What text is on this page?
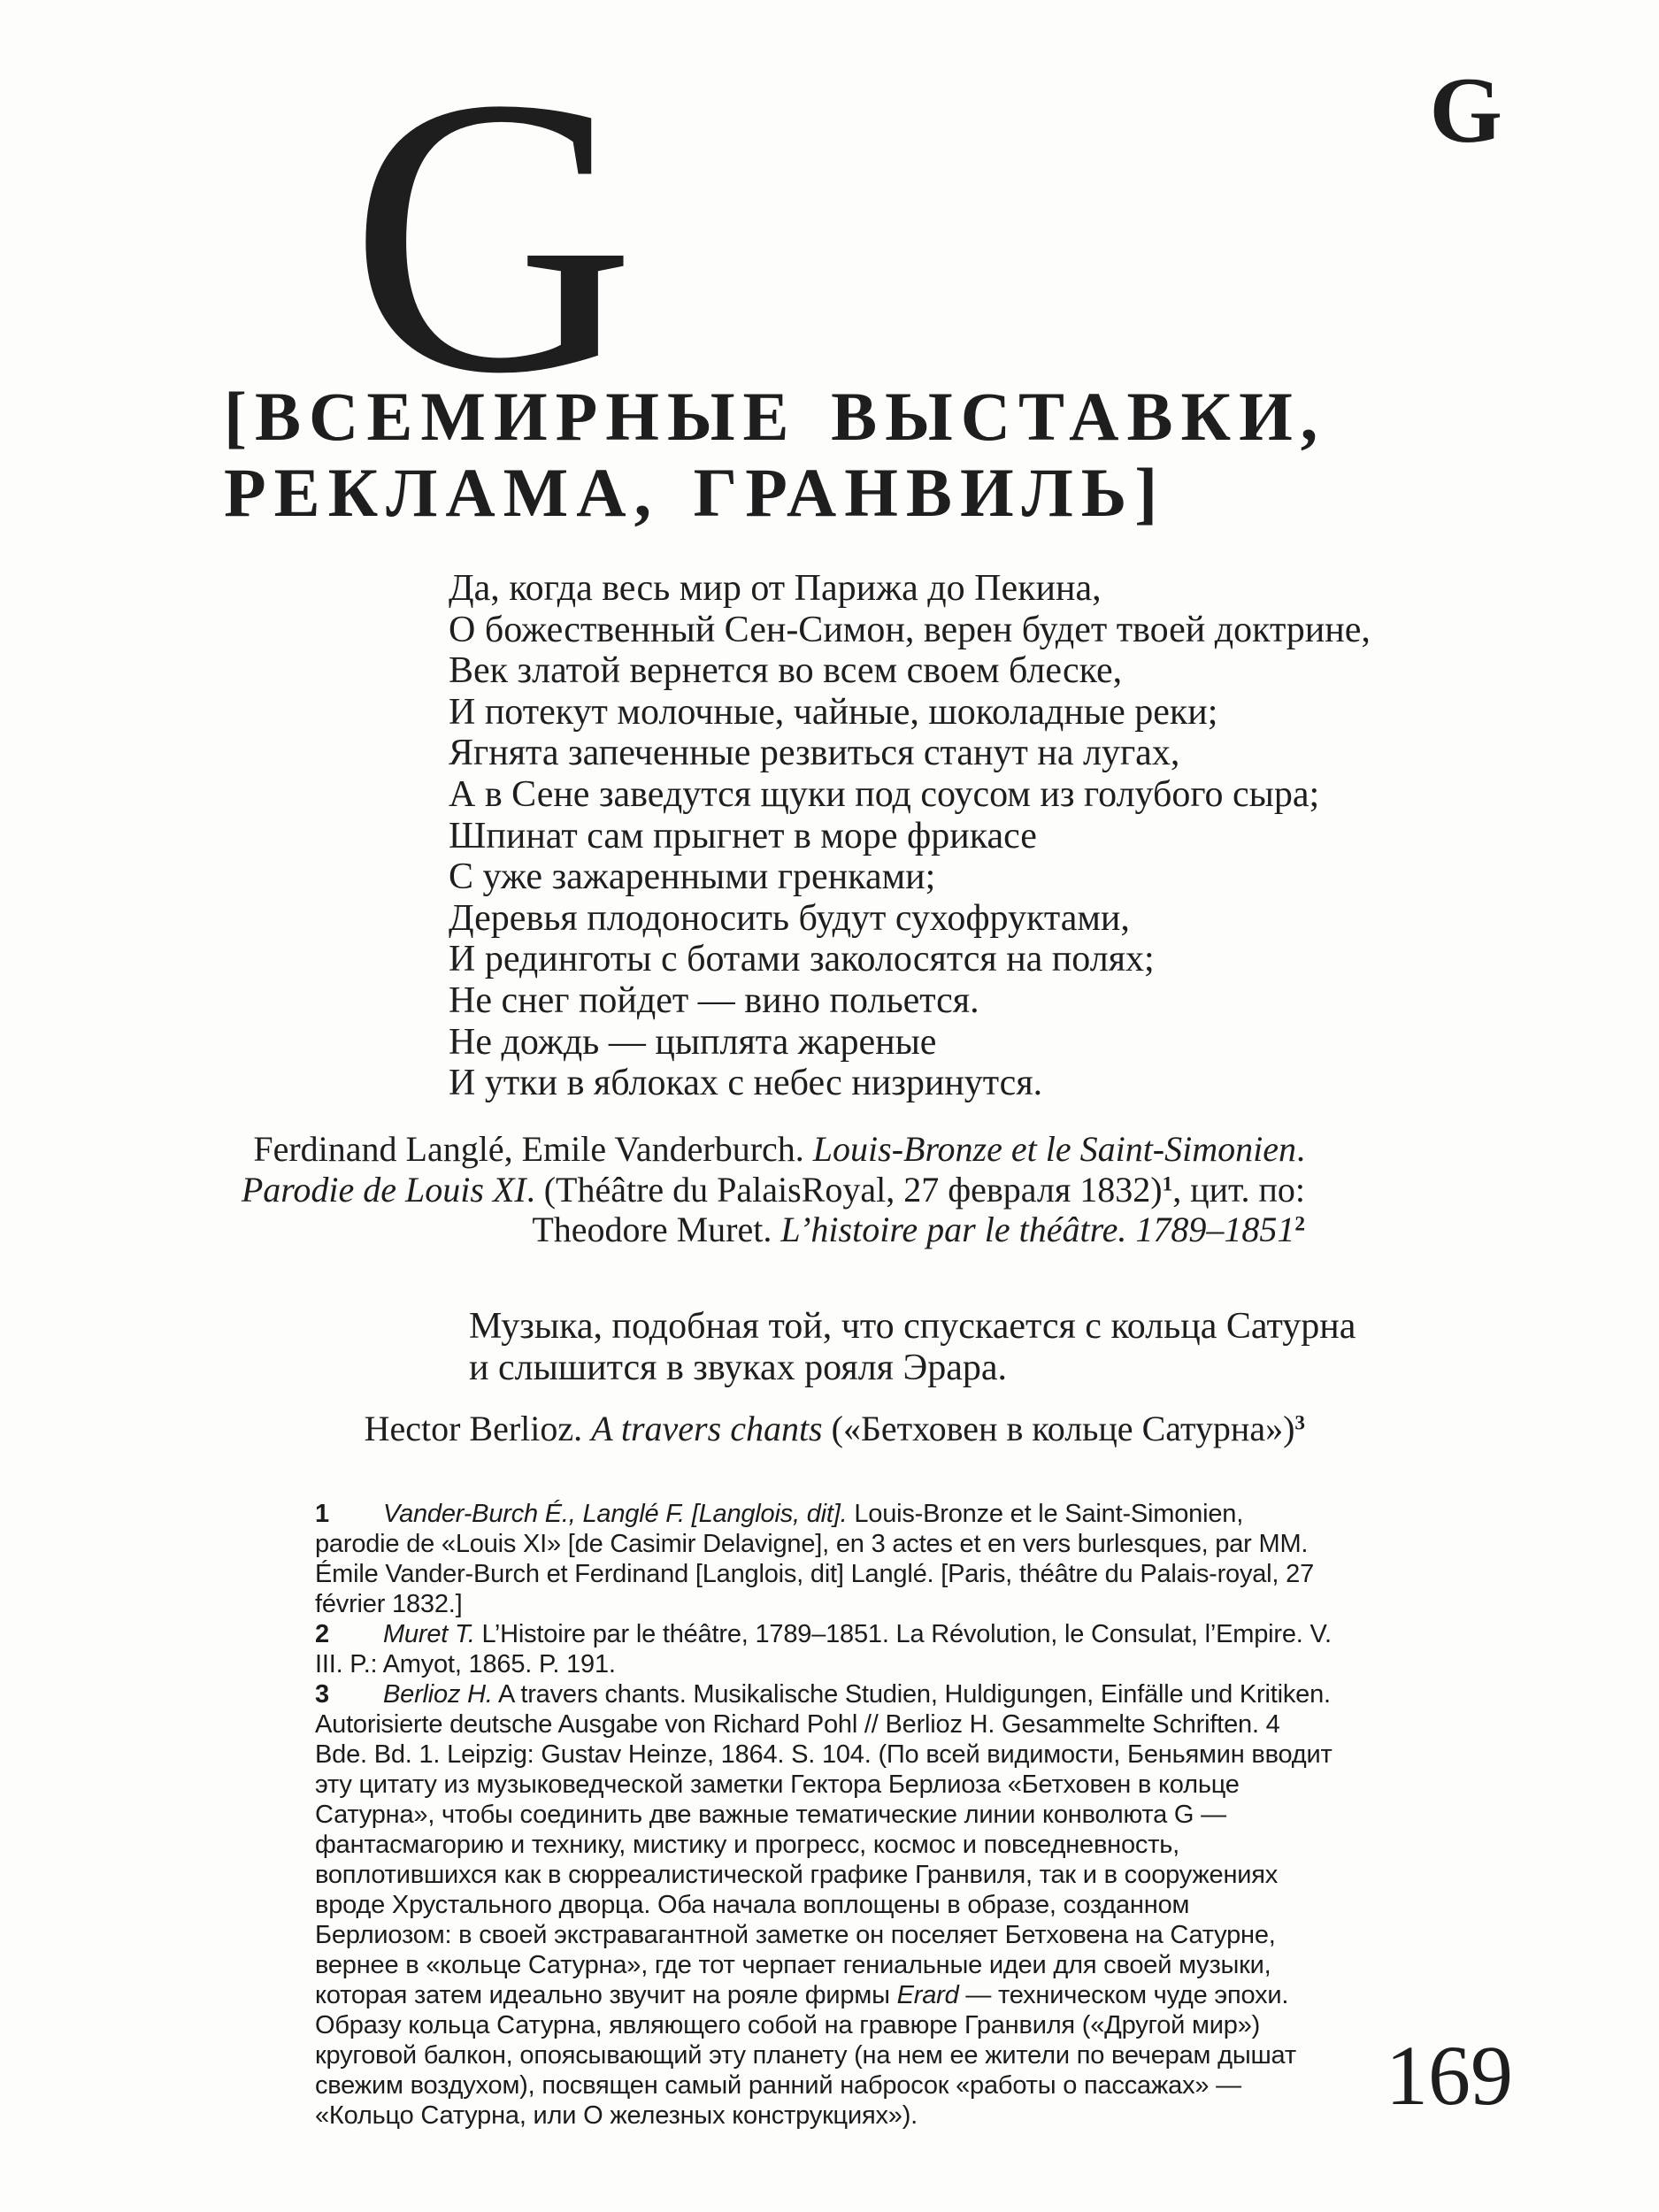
G
G
[ВСЕМИРНЫЕ ВЫСТАВКИ,
РЕКЛАМА, ГРАНВИЛЬ]
Да, когда весь мир от Парижа до Пекина,
О божественный Сен-Симон, верен будет твоей доктрине,
Век златой вернется во всем своем блеске,
И потекут молочные, чайные, шоколадные реки;
Ягнята запеченные резвиться станут на лугах,
А в Сене заведутся щуки под соусом из голубого сыра;
Шпинат сам прыгнет в море фрикасе
С уже зажаренными гренками;
Деревья плодоносить будут сухофруктами,
И рединготы с ботами заколосятся на полях;
Не снег пойдет — вино польется.
Не дождь — цыплята жареные
И утки в яблоках с небес низринутся.
Ferdinand Langlé, Emile Vanderburch. Louis-Bronze et le Saint-Simonien.
Parodie de Louis XI. (Théâtre du PalaisRoyal, 27 февраля 1832)$^1$, цит. по:
Theodore Muret. L’histoire par le théâtre. 1789–1851$^2$
Музыка, подобная той, что спускается с кольца Сатурна
и слышится в звуках рояля Эрара.
Hector Berlioz. A travers chants («Бетховен в кольце Сатурна»)$^3$

1 Vander-Burch É., Langlé F. [Langlois, dit]. Louis-Bronze et le Saint-Simonien, parodie de «Louis XI» [de Casimir Delavigne], en 3 actes et en vers burlesques, par MM. Émile Vander-Burch et Ferdinand [Langlois, dit] Langlé. [Paris, théâtre du Palais-royal, 27 février 1832.]

2 Muret T. L’Histoire par le théâtre, 1789–1851. La Révolution, le Consulat, l’Empire. V. III. P.: Amyot, 1865. P. 191.

3 Berlioz H. A travers chants. Musikalische Studien, Huldigungen, Einfälle und Kritiken. Autorisierte deutsche Ausgabe von Richard Pohl // Berlioz H. Gesammelte Schriften. 4 Bde. Bd. 1. Leipzig: Gustav Heinze, 1864. S. 104. (По всей видимости, Беньямин вводит эту цитату из музыковедческой заметки Гектора Берлиоза «Бетховен в кольце Сатурна», чтобы соединить две важные тематические линии конволюта G — фантасмагорию и технику, мистику и прогресс, космос и повседневность, воплотившихся как в сюрреалистической графике Гранвиля, так и в сооружениях вроде Хрустального дворца. Оба начала воплощены в образе, созданном Берлиозом: в своей экстравагантной заметке он поселяет Бетховена на Сатурне, вернее в «кольце Сатурна», где тот черпает гениальные идеи для своей музыки, которая затем идеально звучит на рояле фирмы Erard — техническом чуде эпохи. Образу кольца Сатурна, являющего собой на гравюре Гранвиля («Другой мир») круговой балкон, опоясывающий эту планету (на нем ее жители по вечерам дышат свежим воздухом), посвящен самый ранний набросок «работы о пассажах» — «Кольцо Сатурна, или О железных конструкциях»).	169
